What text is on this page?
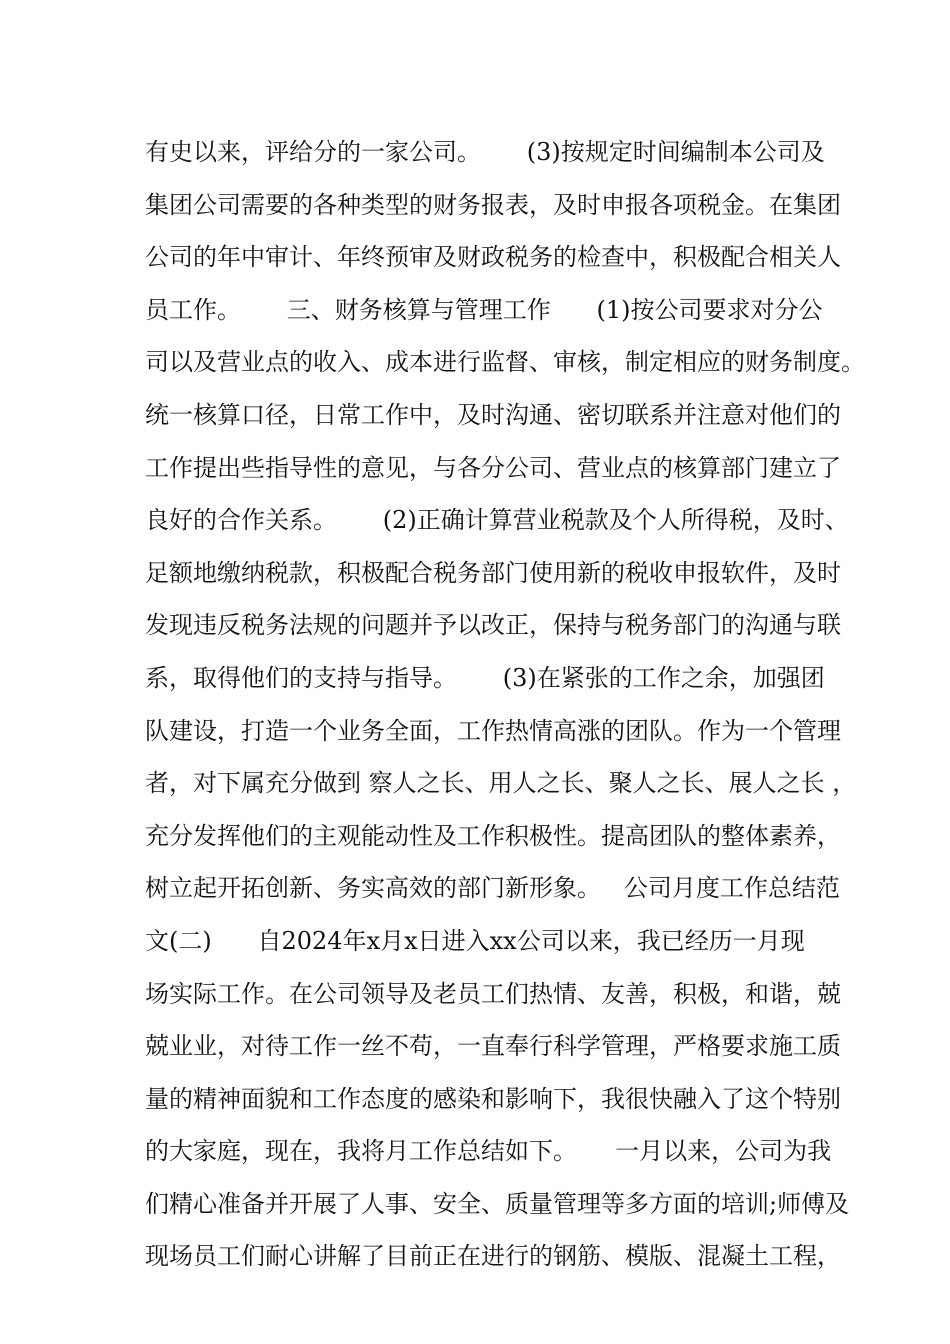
有史以来，评给分的一家公司。      (3)按规定时间编制本公司及
集团公司需要的各种类型的财务报表，及时申报各项税金。在集团
公司的年中审计、年终预审及财政税务的检查中，积极配合相关人
员工作。      三、财务核算与管理工作      (1)按公司要求对分公
司以及营业点的收入、成本进行监督、审核，制定相应的财务制度。
统一核算口径，日常工作中，及时沟通、密切联系并注意对他们的
工作提出些指导性的意见，与各分公司、营业点的核算部门建立了
良好的合作关系。      (2)正确计算营业税款及个人所得税，及时、
足额地缴纳税款，积极配合税务部门使用新的税收申报软件，及时
发现违反税务法规的问题并予以改正，保持与税务部门的沟通与联
系，取得他们的支持与指导。      (3)在紧张的工作之余，加强团
队建设，打造一个业务全面，工作热情高涨的团队。作为一个管理
者，对下属充分做到 察人之长、用人之长、聚人之长、展人之长 ，
充分发挥他们的主观能动性及工作积极性。提高团队的整体素养，
树立起开拓创新、务实高效的部门新形象。   公司月度工作总结范
文(二)      自2024年x月x日进入xx公司以来，我已经历一月现
场实际工作。在公司领导及老员工们热情、友善，积极，和谐，兢
兢业业，对待工作一丝不苟，一直奉行科学管理，严格要求施工质
量的精神面貌和工作态度的感染和影响下，我很快融入了这个特别
的大家庭，现在，我将月工作总结如下。     一月以来，公司为我
们精心准备并开展了人事、安全、质量管理等多方面的培训;师傅及
现场员工们耐心讲解了目前正在进行的钢筋、模版、混凝土工程，
